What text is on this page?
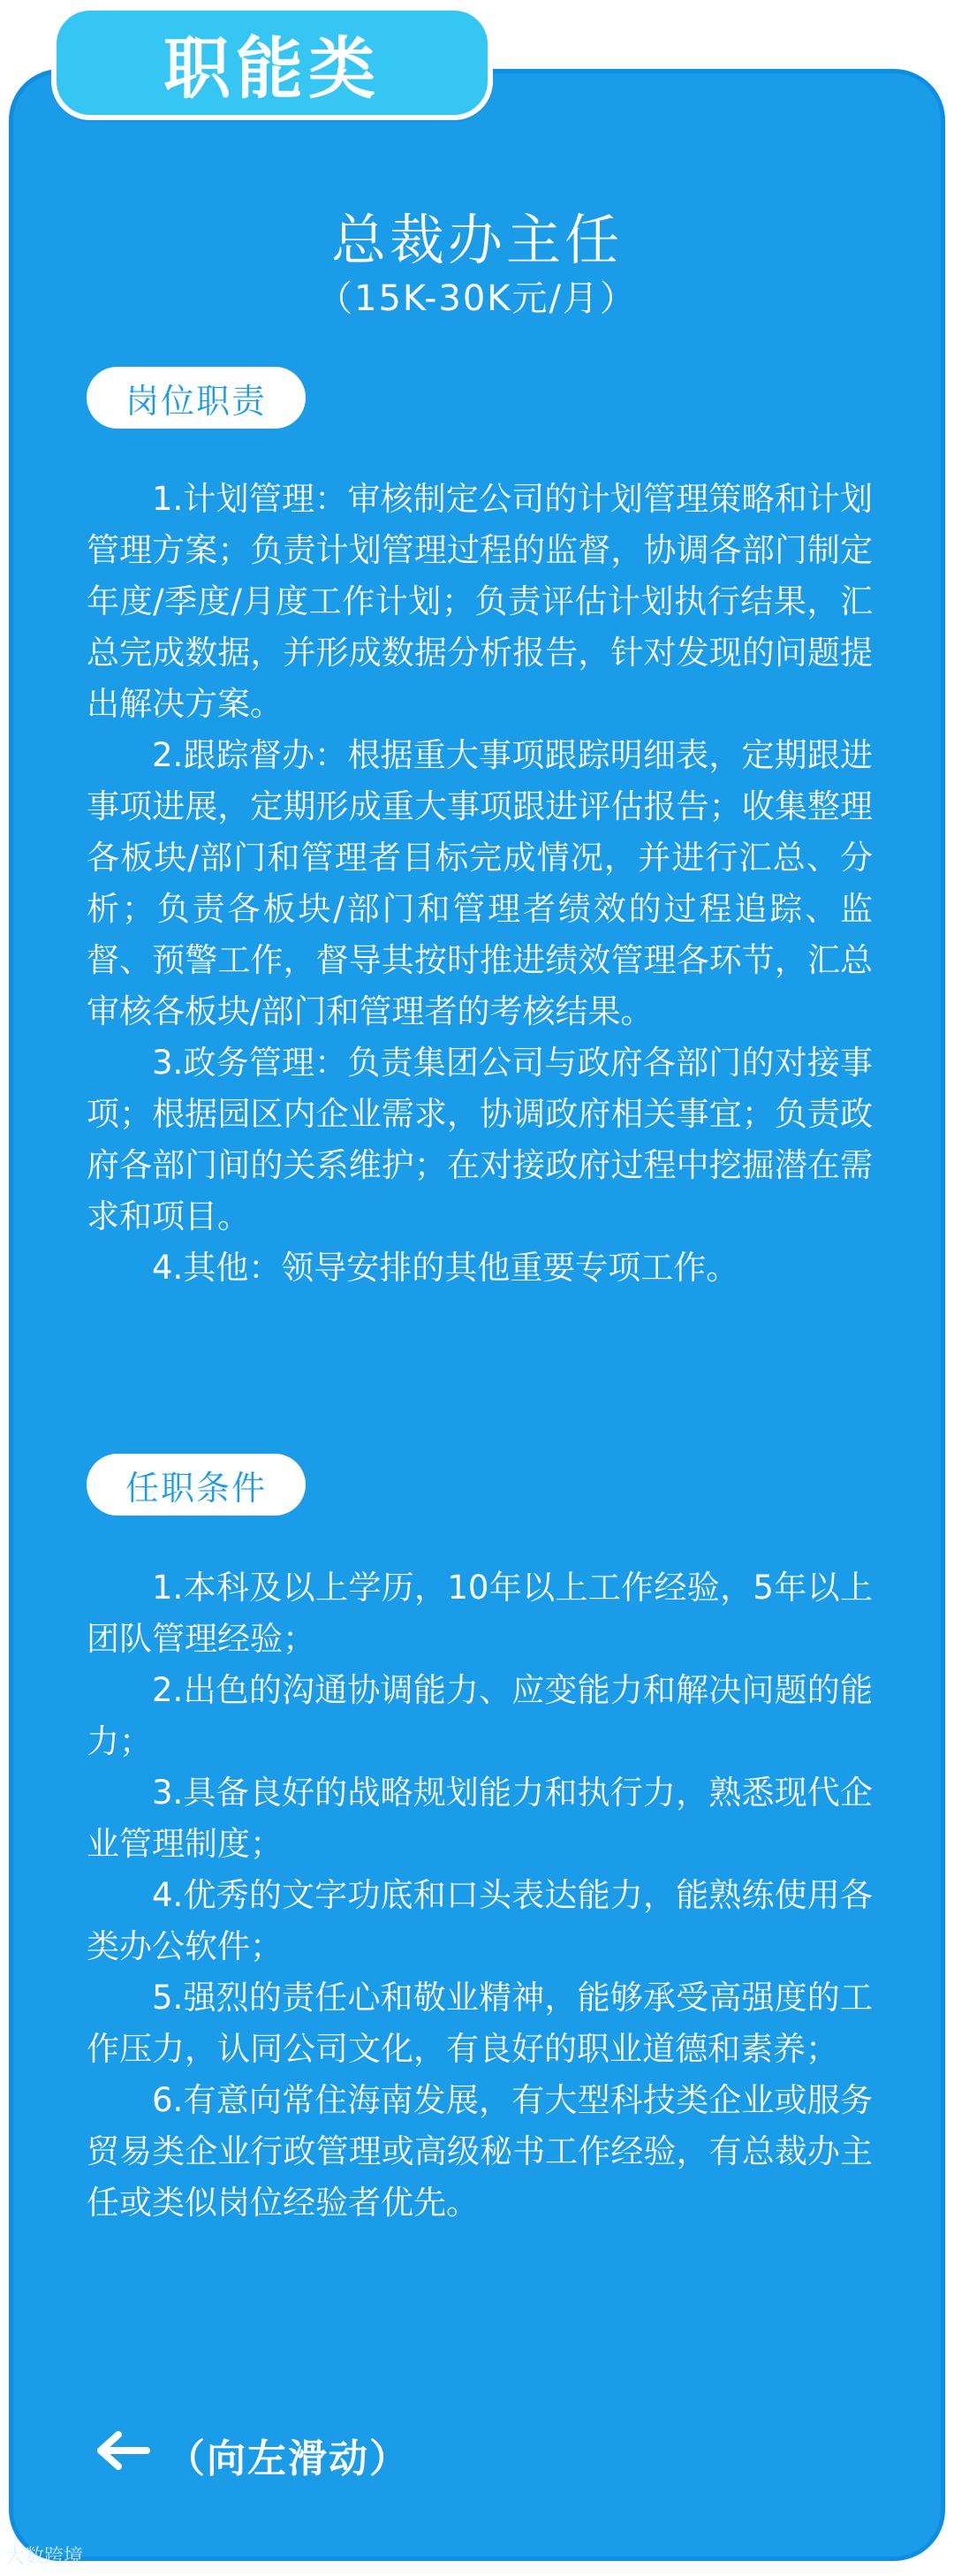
职能类
总裁办主任
（15K-30K元/月）
岗位职责

1.计划管理：审核制定公司的计划管理策略和计划管理方案；负责计划管理过程的监督，协调各部门制定年度/季度/月度工作计划；负责评估计划执行结果，汇总完成数据，并形成数据分析报告，针对发现的问题提出解决方案。

2.跟踪督办：根据重大事项跟踪明细表，定期跟进事项进展，定期形成重大事项跟进评估报告；收集整理各板块/部门和管理者目标完成情况，并进行汇总、分析；负责各板块/部门和管理者绩效的过程追踪、监督、预警工作，督导其按时推进绩效管理各环节，汇总审核各板块/部门和管理者的考核结果。

3.政务管理：负责集团公司与政府各部门的对接事项；根据园区内企业需求，协调政府相关事宜；负责政府各部门间的关系维护；在对接政府过程中挖掘潜在需求和项目。

4.其他：领导安排的其他重要专项工作。

任职条件

1.本科及以上学历，10年以上工作经验，5年以上团队管理经验；

2.出色的沟通协调能力、应变能力和解决问题的能力；

3.具备良好的战略规划能力和执行力，熟悉现代企业管理制度；

4.优秀的文字功底和口头表达能力，能熟练使用各类办公软件；

5.强烈的责任心和敬业精神，能够承受高强度的工作压力，认同公司文化，有良好的职业道德和素养；

6.有意向常住海南发展，有大型科技类企业或服务贸易类企业行政管理或高级秘书工作经验，有总裁办主任或类似岗位经验者优先。

（向左滑动）
大数跨境
